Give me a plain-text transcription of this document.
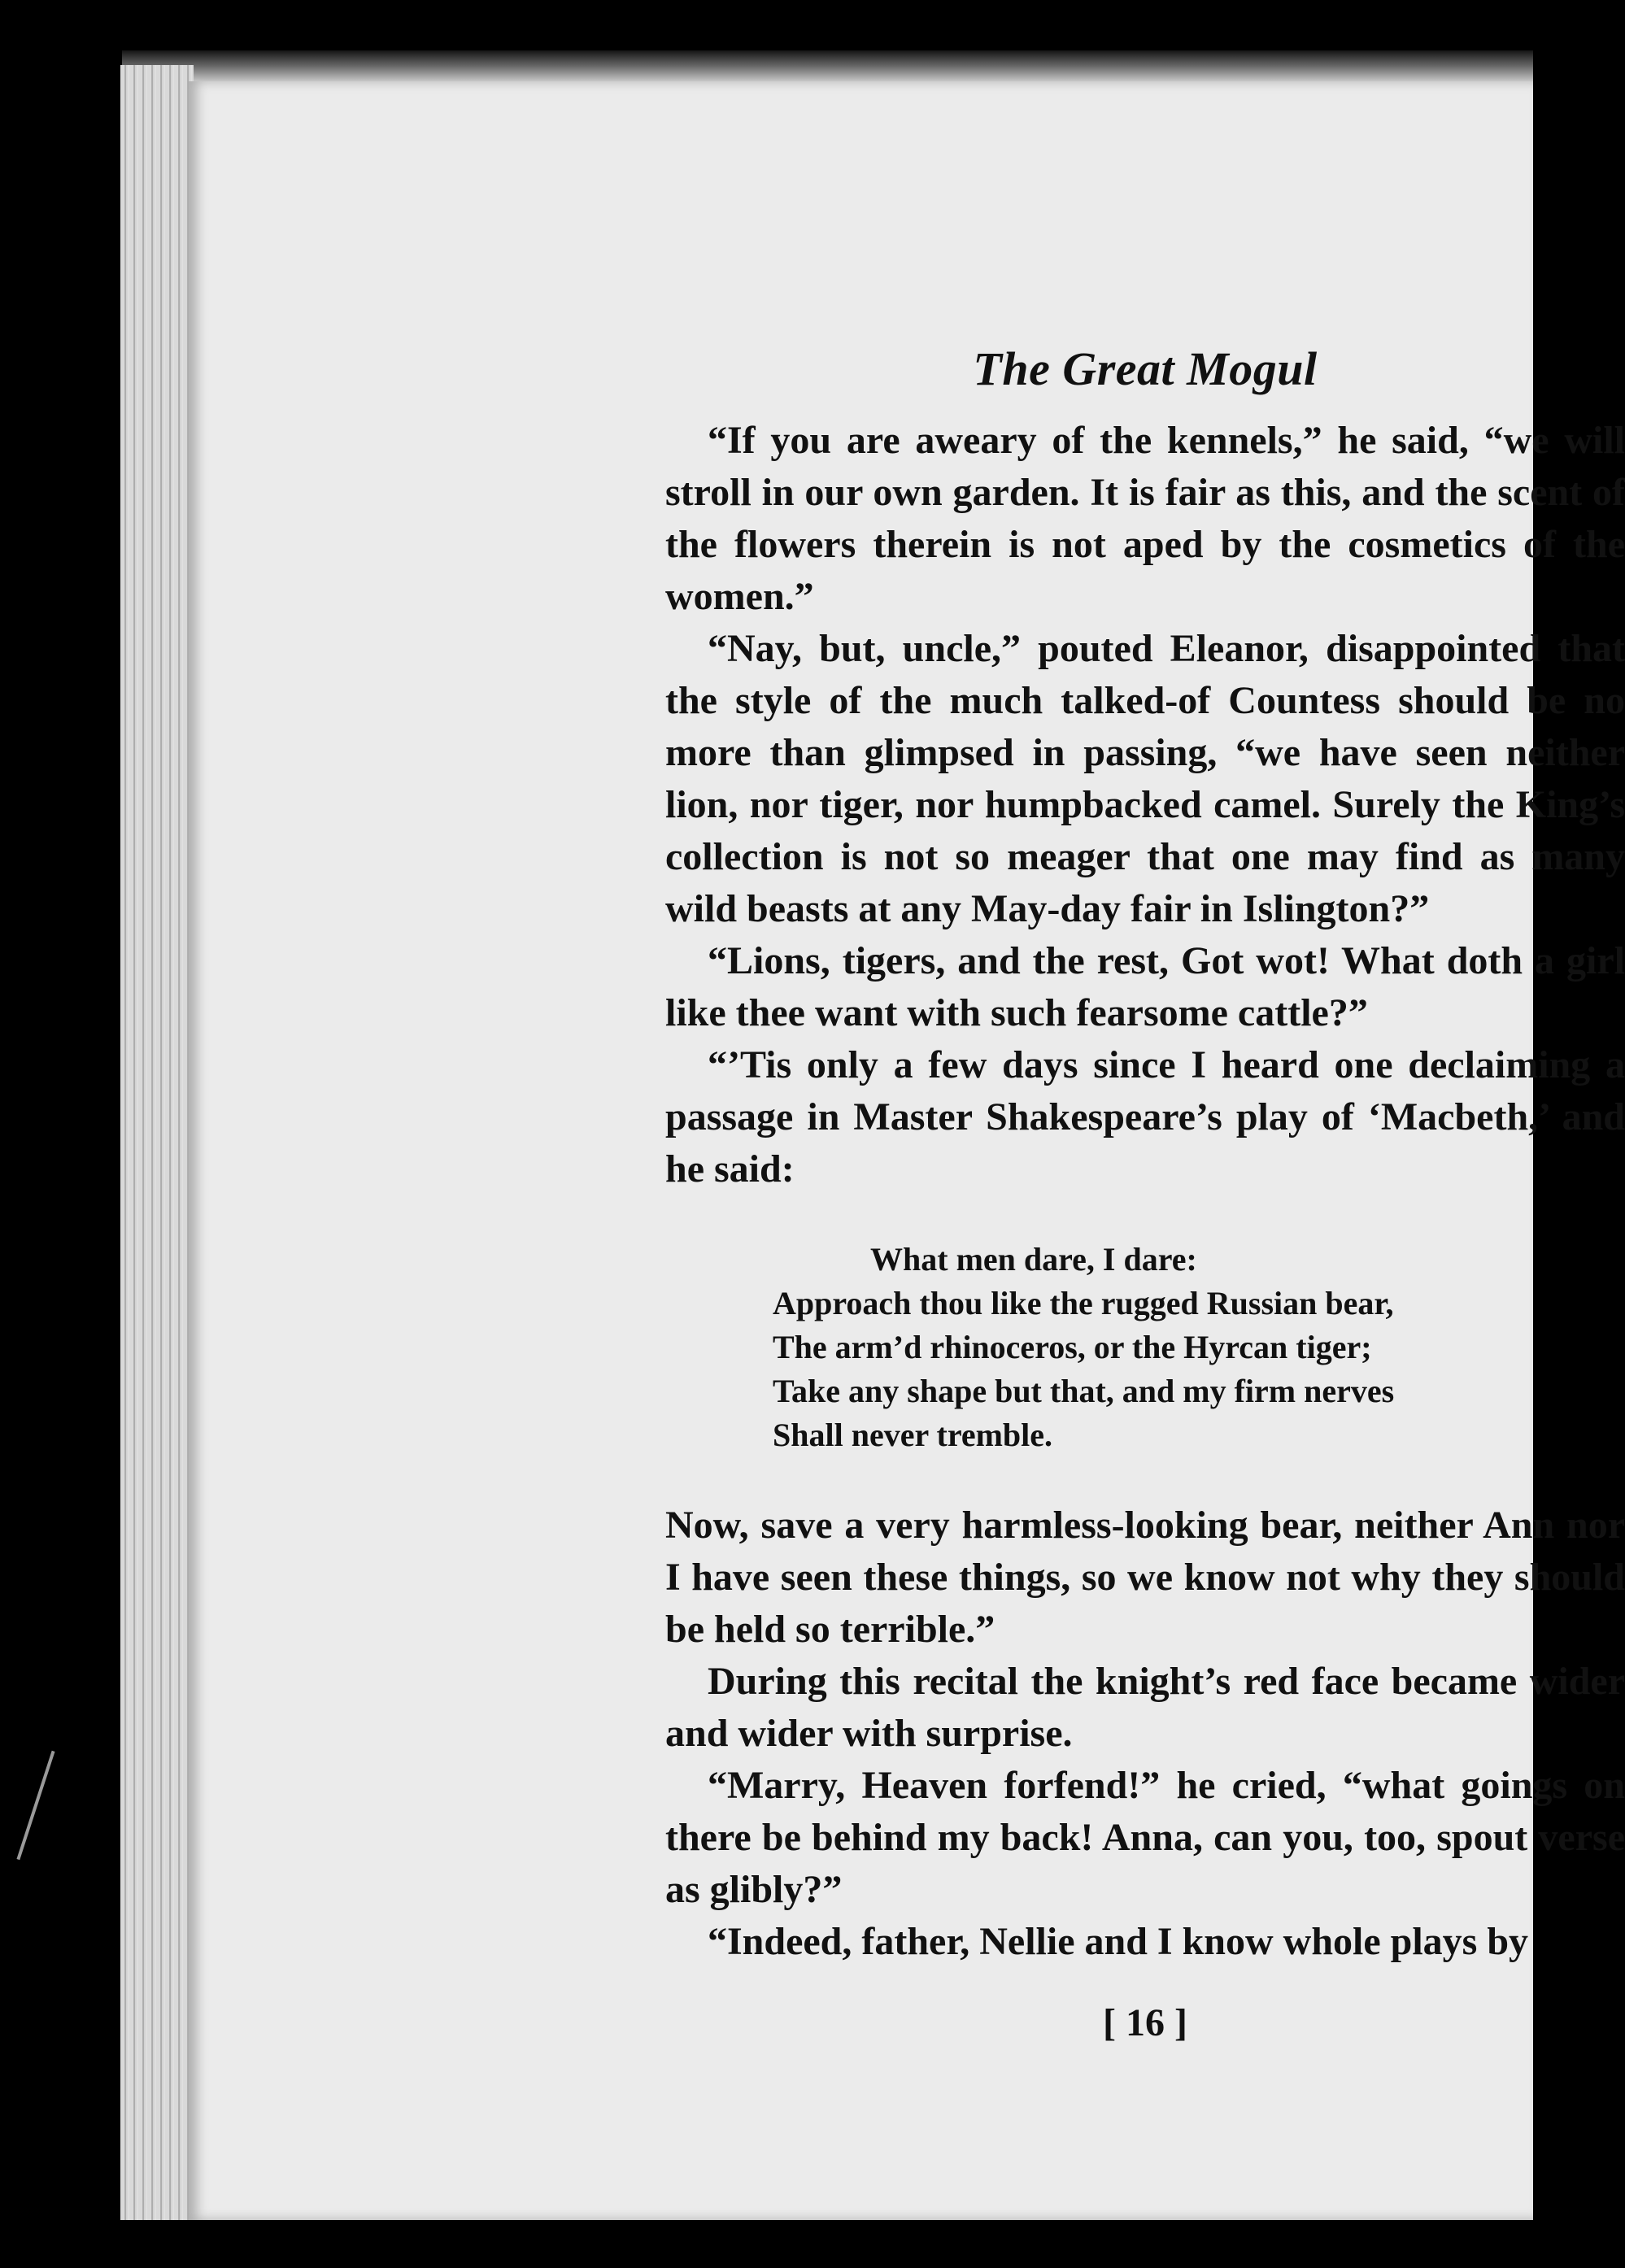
The Great Mogul

“If you are aweary of the kennels,” he said, “we will stroll in our own garden. It is fair as this, and the scent of the flowers therein is not aped by the cosmetics of the women.”

“Nay, but, uncle,” pouted Eleanor, disappointed that the style of the much talked-of Countess should be no more than glimpsed in passing, “we have seen neither lion, nor tiger, nor humpbacked camel. Surely the King’s collection is not so meager that one may find as many wild beasts at any May-day fair in Islington?”

“Lions, tigers, and the rest, Got wot! What doth a girl like thee want with such fearsome cattle?”

“’Tis only a few days since I heard one declaiming a passage in Master Shakespeare’s play of ‘Macbeth,’ and he said:

What men dare, I dare:
Approach thou like the rugged Russian bear,
The arm’d rhinoceros, or the Hyrcan tiger;
Take any shape but that, and my firm nerves
Shall never tremble.

Now, save a very harmless-looking bear, neither Ann nor I have seen these things, so we know not why they should be held so terrible.”

During this recital the knight’s red face became wider and wider with surprise.

“Marry, Heaven forfend!” he cried, “what goings on there be behind my back! Anna, can you, too, spout verse as glibly?”

“Indeed, father, Nellie and I know whole plays by

[ 16 ]
